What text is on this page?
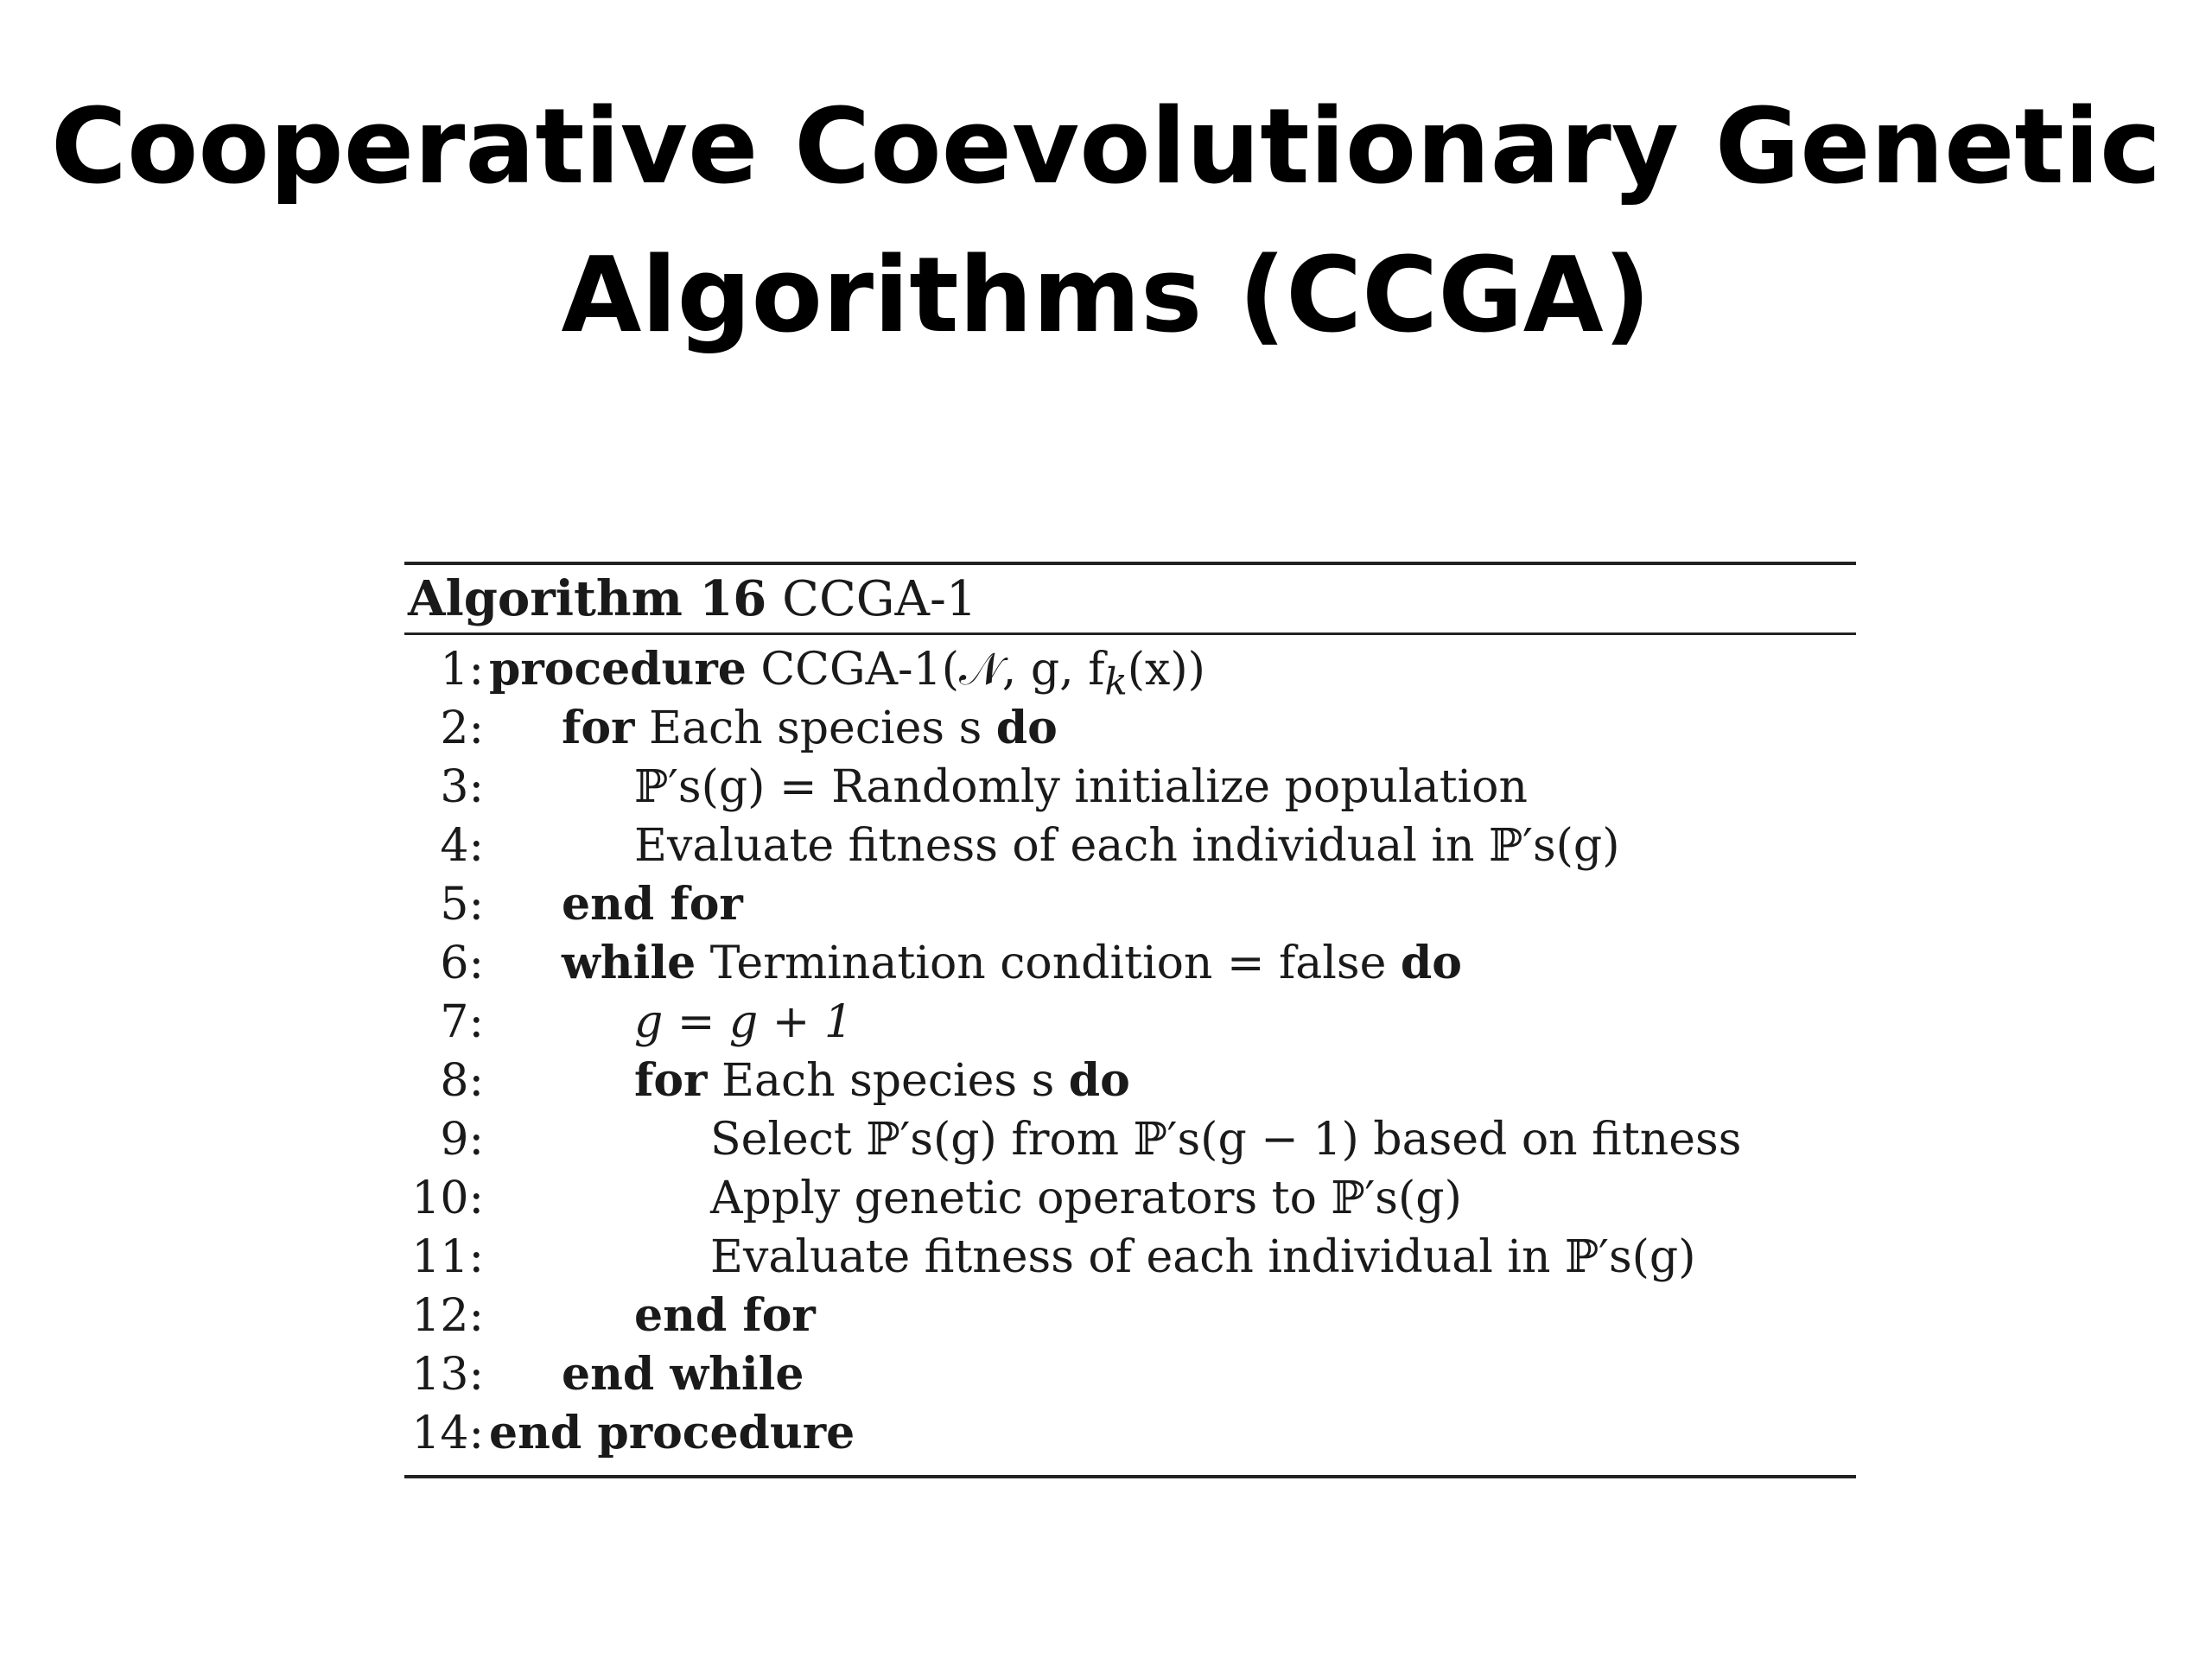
Cooperative Coevolutionary Genetic
Algorithms (CCGA)
Algorithm 16 CCGA-1
1: procedure CCGA-1(𝒩, g, $f_k(x)$)
2: for Each species s do
3:	ℙ′s(g) = Randomly initialize population
4:	Evaluate fitness of each individual in ℙ′s(g)
5: end for
6: while Termination condition = false do
7:	g = g + 1
8:	for Each species s do
9:	Select ℙ′s(g) from ℙ′s(g − 1) based on fitness
10:	Apply genetic operators to ℙ′s(g)
11:	Evaluate fitness of each individual in ℙ′s(g)
12:	end for
13: end while
14: end procedure
